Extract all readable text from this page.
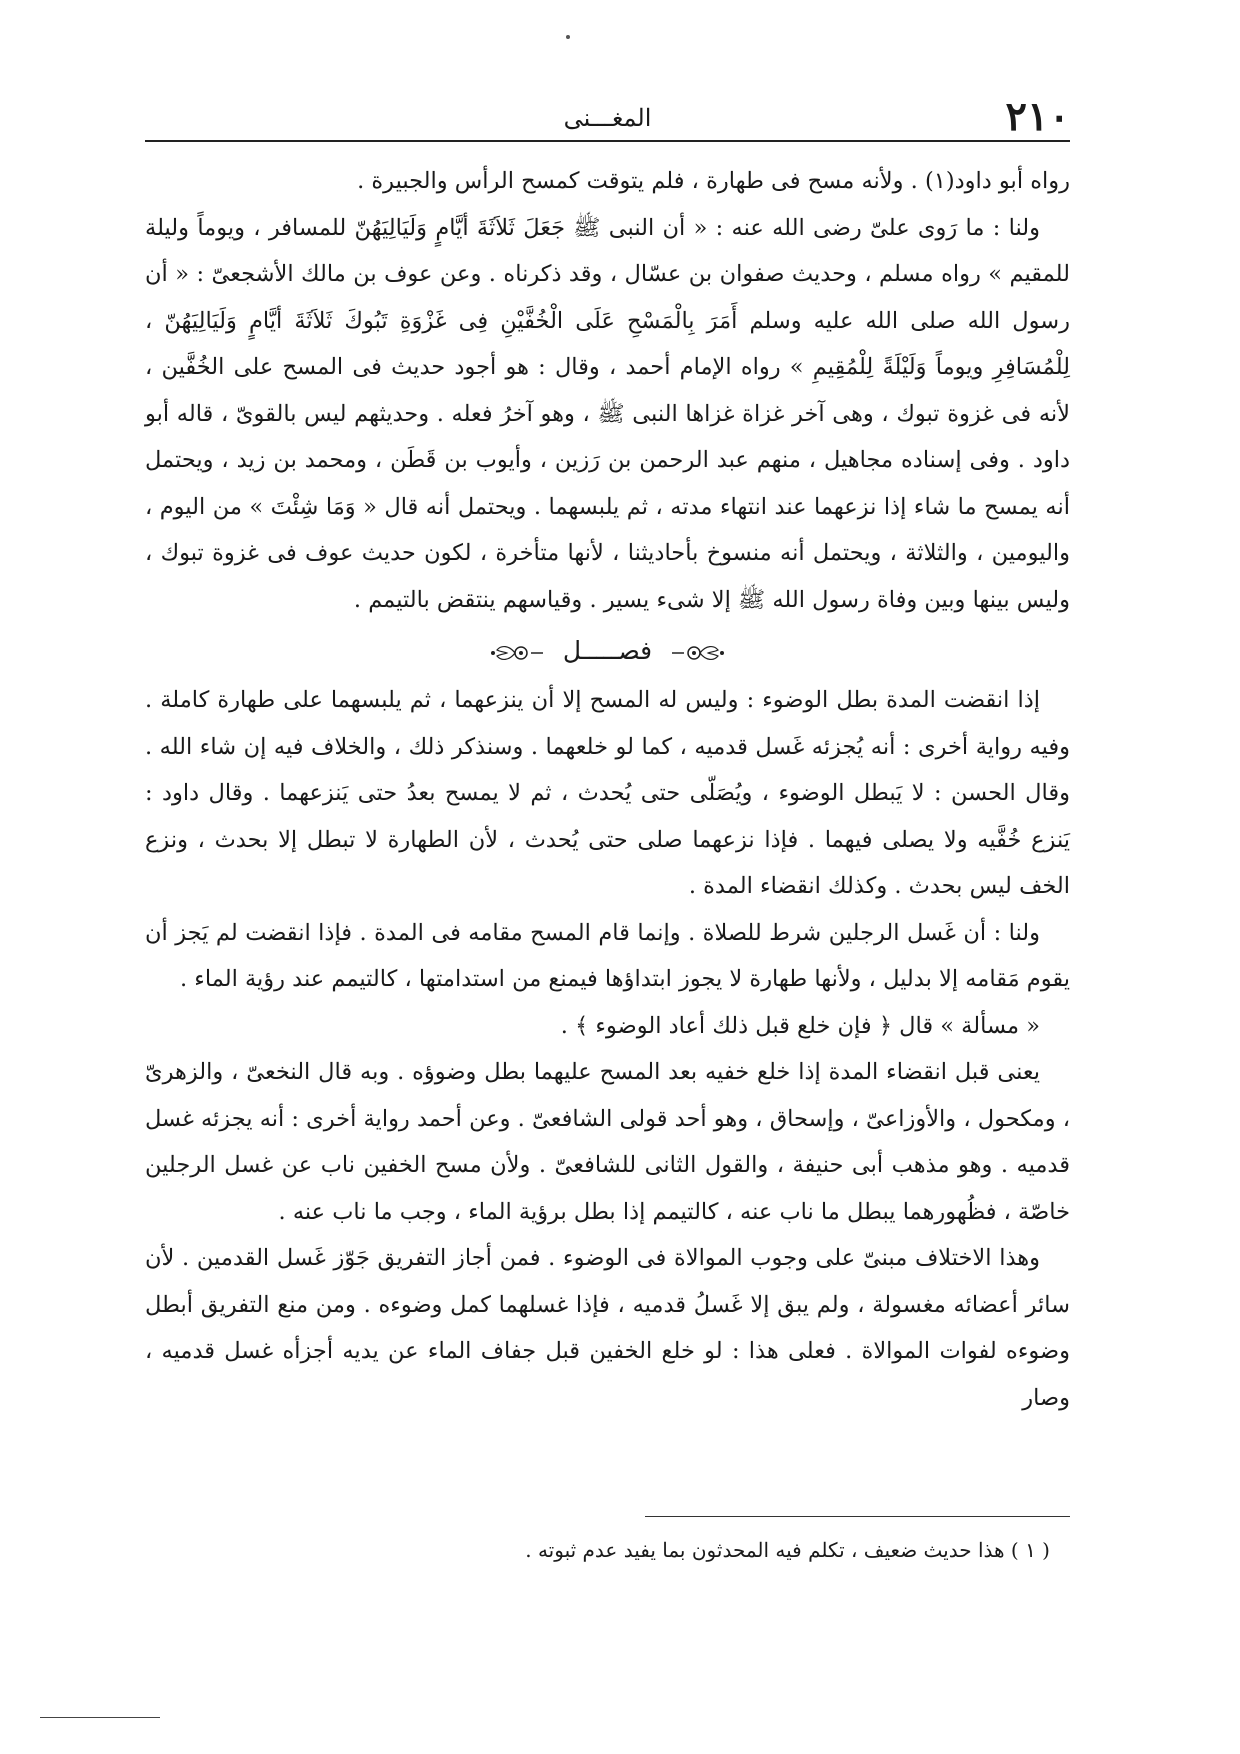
٢١٠
المغـــنى

رواه أبو داود(١) . ولأنه مسح فى طهارة ، فلم يتوقت كمسح الرأس والجبيرة .

ولنا : ما رَوى علىّ رضى الله عنه : « أن النبى ﷺ جَعَلَ ثَلاَثَةَ أيَّامٍ وَلَيَالِيَهُنّ للمسافر ، ويوماً وليلة للمقيم » رواه مسلم ، وحديث صفوان بن عسّال ، وقد ذكرناه . وعن عوف بن مالك الأشجعىّ : « أن رسول الله صلى الله عليه وسلم أَمَرَ بِالْمَسْحِ عَلَى الْخُفَّيْنِ فِى غَزْوَةِ تَبُوكَ ثَلاَثَةَ أيَّامٍ وَلَيَالِيَهُنّ ، لِلْمُسَافِرِ ويوماً وَلَيْلَةً لِلْمُقِيمِ » رواه الإمام أحمد ، وقال : هو أجود حديث فى المسح على الخُفَّين ، لأنه فى غزوة تبوك ، وهى آخر غزاة غزاها النبى ﷺ ، وهو آخرُ فعله . وحديثهم ليس بالقوىّ ، قاله أبو داود . وفى إسناده مجاهيل ، منهم عبد الرحمن بن رَزين ، وأيوب بن قَطَن ، ومحمد بن زيد ، ويحتمل أنه يمسح ما شاء إذا نزعهما عند انتهاء مدته ، ثم يلبسهما . ويحتمل أنه قال « وَمَا شِئْتَ » من اليوم ، واليومين ، والثلاثة ، ويحتمل أنه منسوخ بأحاديثنا ، لأنها متأخرة ، لكون حديث عوف فى غزوة تبوك ، وليس بينها وبين وفاة رسول الله ﷺ إلا شىء يسير . وقياسهم ينتقض بالتيمم .

فصـــــل

إذا انقضت المدة بطل الوضوء : وليس له المسح إلا أن ينزعهما ، ثم يلبسهما على طهارة كاملة . وفيه رواية أخرى : أنه يُجزئه غَسل قدميه ، كما لو خلعهما . وسنذكر ذلك ، والخلاف فيه إن شاء الله . وقال الحسن : لا يَبطل الوضوء ، ويُصَلّى حتى يُحدث ، ثم لا يمسح بعدُ حتى يَنزعهما . وقال داود : يَنزع خُفَّيه ولا يصلى فيهما . فإذا نزعهما صلى حتى يُحدث ، لأن الطهارة لا تبطل إلا بحدث ، ونزع الخف ليس بحدث . وكذلك انقضاء المدة .

ولنا : أن غَسل الرجلين شرط للصلاة . وإنما قام المسح مقامه فى المدة . فإذا انقضت لم يَجز أن يقوم مَقامه إلا بدليل ، ولأنها طهارة لا يجوز ابتداؤها فيمنع من استدامتها ، كالتيمم عند رؤية الماء .

« مسألة » قال ﴿ فإن خلع قبل ذلك أعاد الوضوء ﴾ .

يعنى قبل انقضاء المدة إذا خلع خفيه بعد المسح عليهما بطل وضوؤه . وبه قال النخعىّ ، والزهرىّ ، ومكحول ، والأوزاعىّ ، وإسحاق ، وهو أحد قولى الشافعىّ . وعن أحمد رواية أخرى : أنه يجزئه غسل قدميه . وهو مذهب أبى حنيفة ، والقول الثانى للشافعىّ . ولأن مسح الخفين ناب عن غسل الرجلين خاصّة ، فظُهورهما يبطل ما ناب عنه ، كالتيمم إذا بطل برؤية الماء ، وجب ما ناب عنه .

وهذا الاختلاف مبنىّ على وجوب الموالاة فى الوضوء . فمن أجاز التفريق جَوّز غَسل القدمين . لأن سائر أعضائه مغسولة ، ولم يبق إلا غَسلُ قدميه ، فإذا غسلهما كمل وضوءه . ومن منع التفريق أبطل وضوءه لفوات الموالاة . فعلى هذا : لو خلع الخفين قبل جفاف الماء عن يديه أجزأه غسل قدميه ، وصار

( ١ ) هذا حديث ضعيف ، تكلم فيه المحدثون بما يفيد عدم ثبوته .
